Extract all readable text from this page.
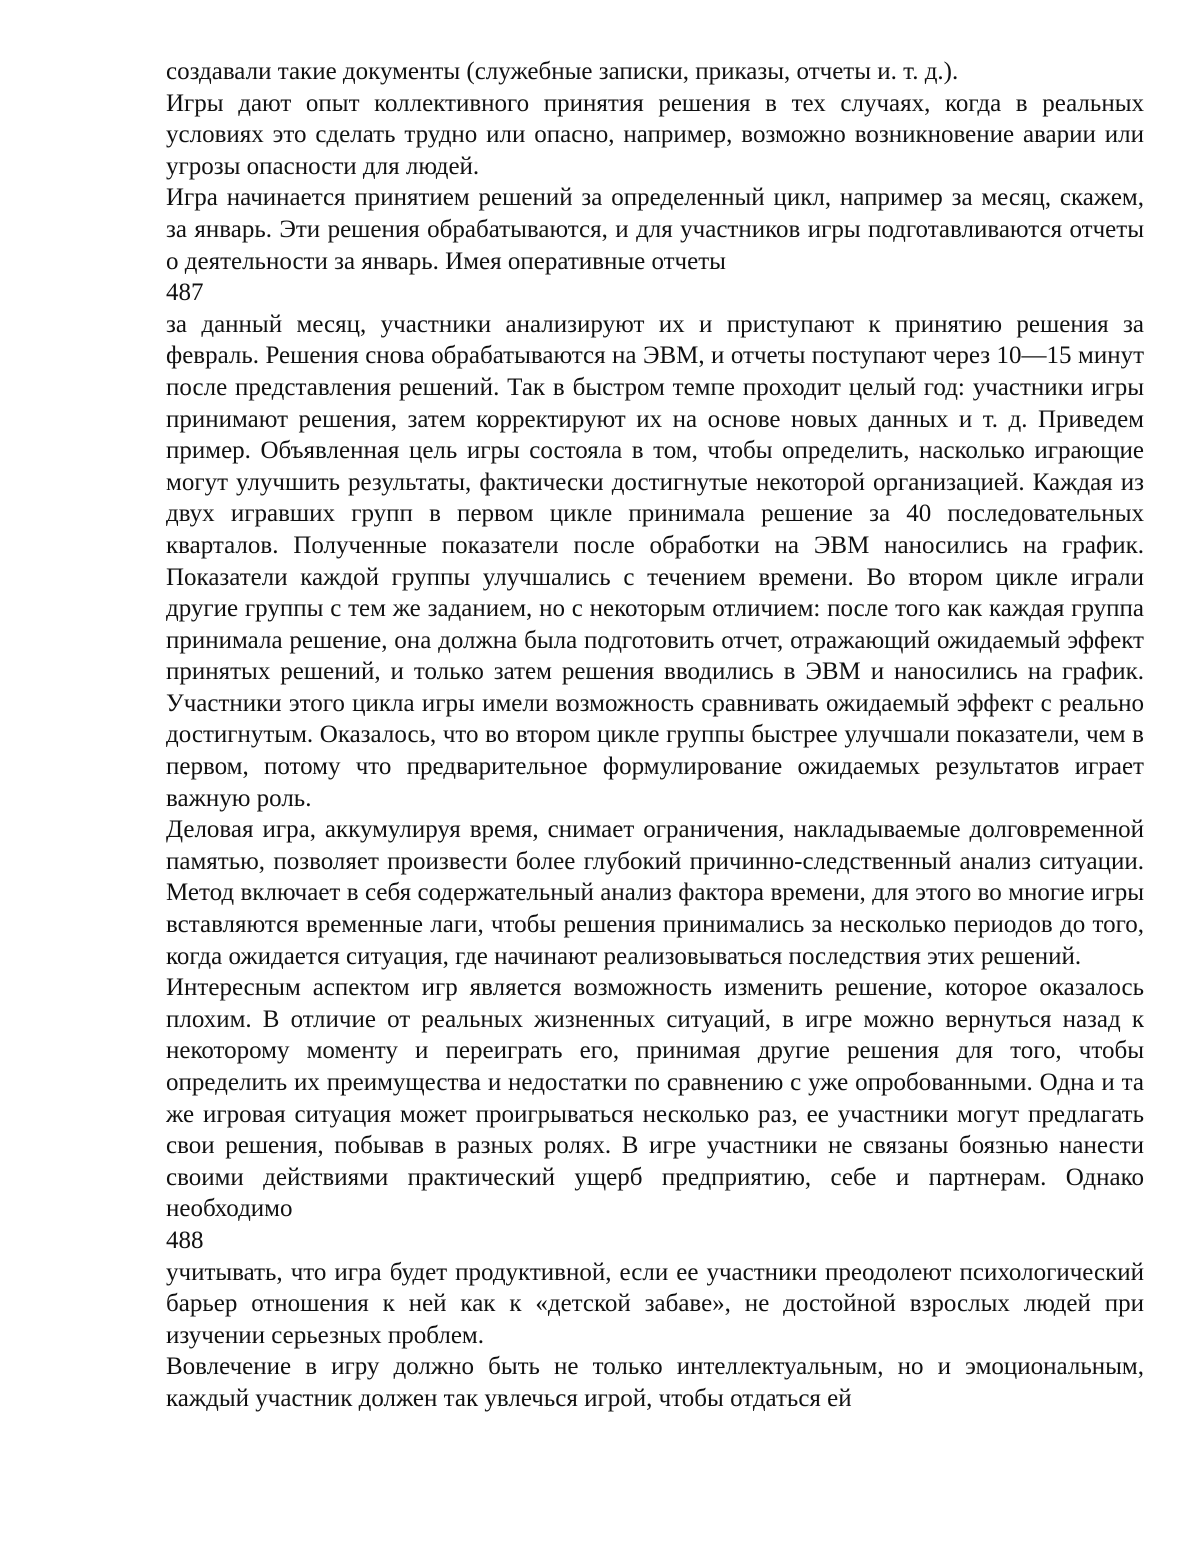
создавали такие документы (служебные записки, приказы, отчеты и. т. д.).

Игры дают опыт коллективного принятия решения в тех случаях, когда в реальных условиях это сделать трудно или опасно, например, возможно возникновение аварии или угрозы опасности для людей.

Игра начинается принятием решений за определенный цикл, например за месяц, скажем, за январь. Эти решения обрабатываются, и для участников игры подготавливаются отчеты о деятельности за январь. Имея оперативные отчеты

487

за данный месяц, участники анализируют их и приступают к принятию решения за февраль. Решения снова обрабатываются на ЭВМ, и отчеты поступают через 10—15 минут после представления решений. Так в быстром темпе проходит целый год: участники игры принимают решения, затем корректируют их на основе новых данных и т. д. Приведем пример. Объявленная цель игры состояла в том, чтобы определить, насколько играющие могут улучшить результаты, фактически достигнутые некоторой организацией. Каждая из двух игравших групп в первом цикле принимала решение за 40 последовательных кварталов. Полученные показатели после обработки на ЭВМ наносились на график. Показатели каждой группы улучшались с течением времени. Во втором цикле играли другие группы с тем же заданием, но с некоторым отличием: после того как каждая группа принимала решение, она должна была подготовить отчет, отражающий ожидаемый эффект принятых решений, и только затем решения вводились в ЭВМ и наносились на график. Участники этого цикла игры имели возможность сравнивать ожидаемый эффект с реально достигнутым. Оказалось, что во втором цикле группы быстрее улучшали показатели, чем в первом, потому что предварительное формулирование ожидаемых результатов играет важную роль.

Деловая игра, аккумулируя время, снимает ограничения, накладываемые долговременной памятью, позволяет произвести более глубокий причинно-следственный анализ ситуации. Метод включает в себя содержательный анализ фактора времени, для этого во многие игры вставляются временные лаги, чтобы решения принимались за несколько периодов до того, когда ожидается ситуация, где начинают реализовываться последствия этих решений.

Интересным аспектом игр является возможность изменить решение, которое оказалось плохим. В отличие от реальных жизненных ситуаций, в игре можно вернуться назад к некоторому моменту и переиграть его, принимая другие решения для того, чтобы определить их преимущества и недостатки по сравнению с уже опробованными. Одна и та же игровая ситуация может проигрываться несколько раз, ее участники могут предлагать свои решения, побывав в разных ролях. В игре участники не связаны боязнью нанести своими действиями практический ущерб предприятию, себе и партнерам. Однако необходимо

488

учитывать, что игра будет продуктивной, если ее участники преодолеют психологический барьер отношения к ней как к «детской забаве», не достойной взрослых людей при изучении серьезных проблем.

Вовлечение в игру должно быть не только интеллектуальным, но и эмоциональным, каждый участник должен так увлечься игрой, чтобы отдаться ей
